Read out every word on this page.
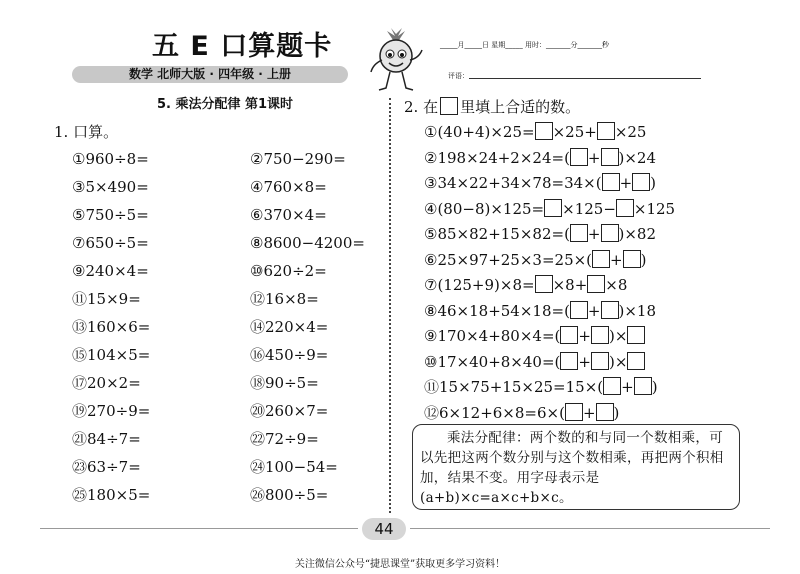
五 E 口算题卡
数学 北师大版 · 四年级 · 上册
_____月_____日 星期_____ 用时：_______分_______秒
评语：
5. 乘法分配律 第1课时
1. 口算。
①960÷8=	②750−290=
③5×490=	④760×8=
⑤750÷5=	⑥370×4=
⑦650÷5=	⑧8600−4200=
⑨240×4=	⑩620÷2=
⑪15×9=	⑫16×8=
⑬160×6=	⑭220×4=
⑮104×5=	⑯450÷9=
⑰20×2=	⑱90÷5=
⑲270÷9=	⑳260×7=
㉑84÷7=	㉒72÷9=
㉓63÷7=	㉔100−54=
㉕180×5=	㉖800÷5=
2. 在 里填上合适的数。
①(40+4)×25= ×25+ ×25
②198×24+2×24=( + )×24
③34×22+34×78=34×( + )
④(80−8)×125= ×125− ×125
⑤85×82+15×82=( + )×82
⑥25×97+25×3=25×( + )
⑦(125+9)×8= ×8+ ×8
⑧46×18+54×18=( + )×18
⑨170×4+80×4=( + )×
⑩17×40+8×40=( + )×
⑪15×75+15×25=15×( + )
⑫6×12+6×8=6×( + )
乘法分配律：两个数的和与同一个数相乘，可以先把这两个数分别与这个数相乘，再把两个积相加，结果不变。用字母表示是(a+b)×c=a×c+b×c。
44
关注微信公众号“捷思课堂”获取更多学习资料！
